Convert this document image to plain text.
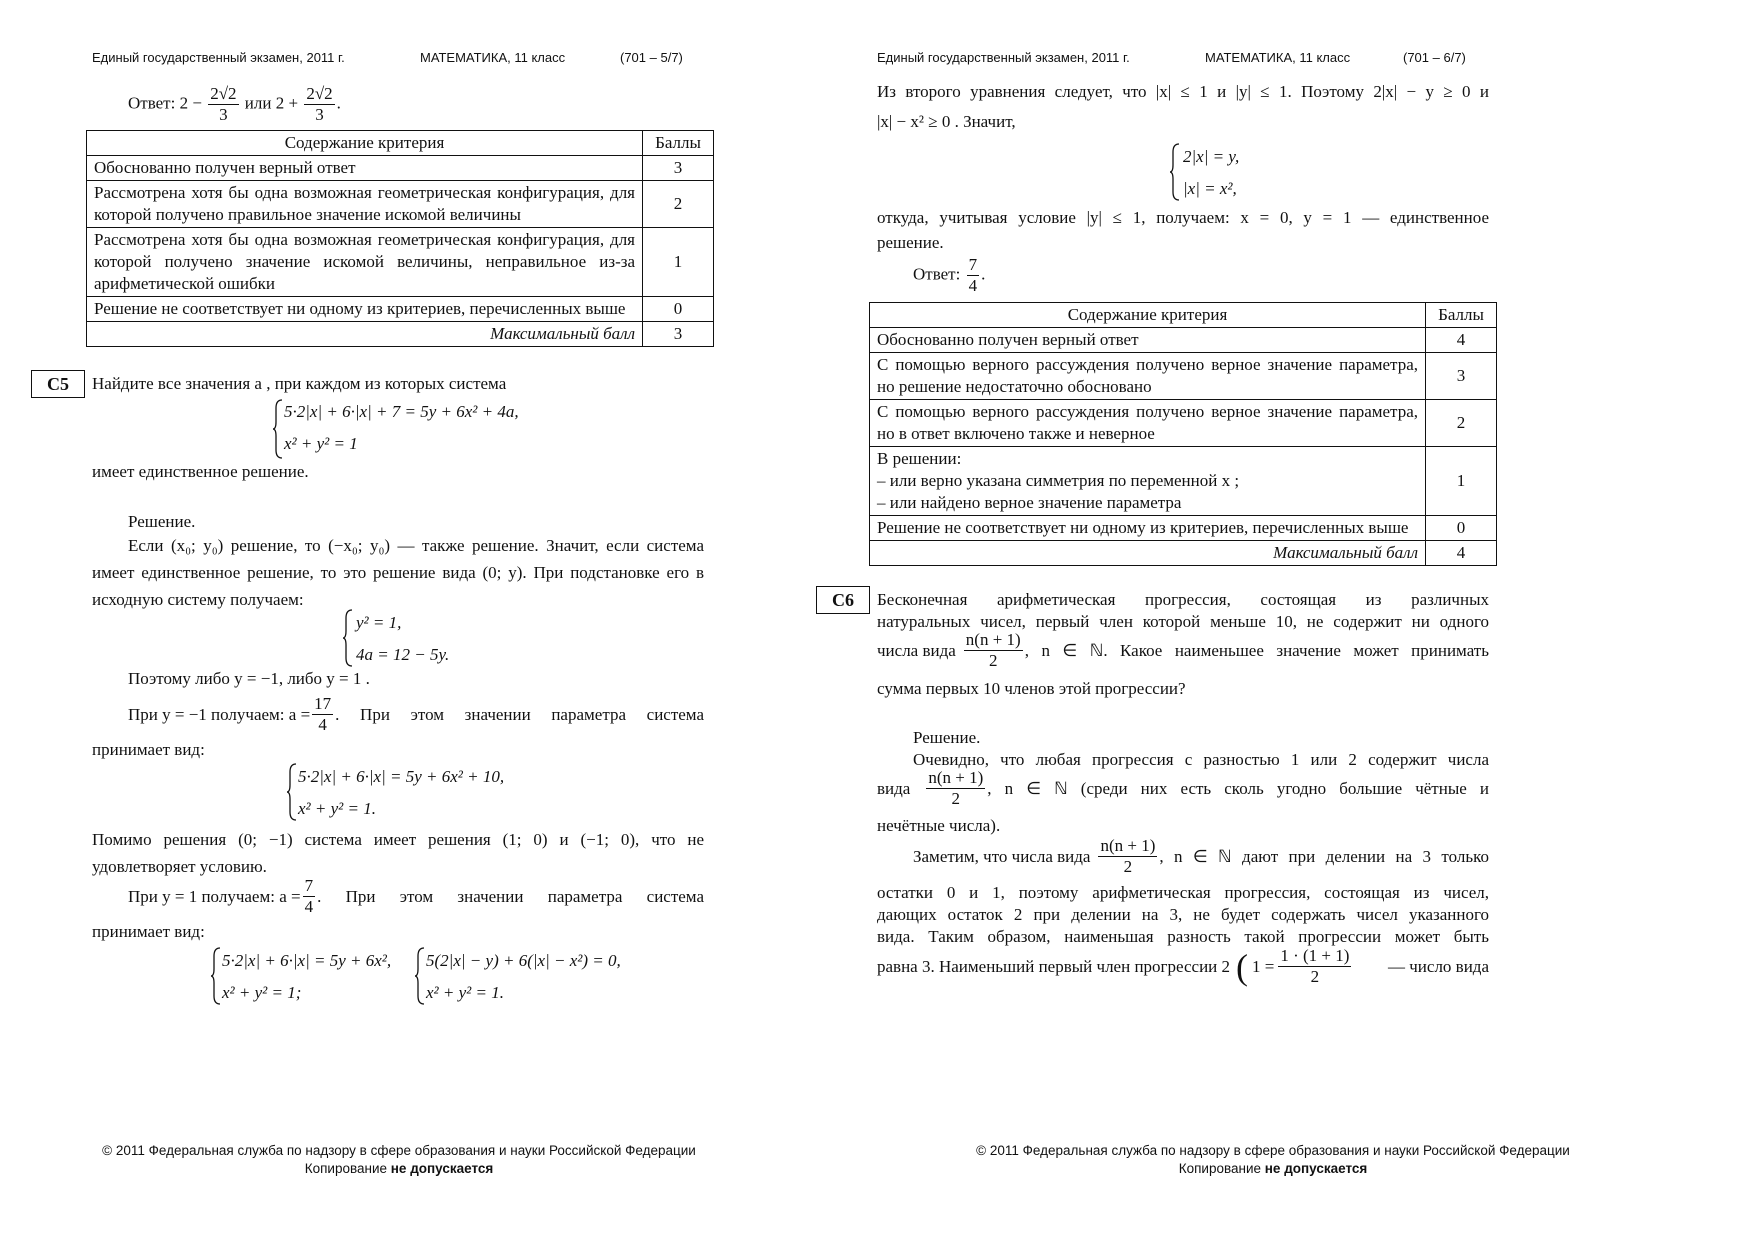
Единый государственный экзамен, 2011 г.	МАТЕМАТИКА, 11 класс	(701 – 5/7)
Ответ: $2 - \frac{2√2}{3}$ или $2 + \frac{2√2}{3}$ .
Содержание критерия	Баллы
Обоснованно получен верный ответ	3
Рассмотрена хотя бы одна возможная геометрическая конфигурация, для которой получено правильное значение искомой величины	2
Рассмотрена хотя бы одна возможная геометрическая конфигурация, для которой получено значение искомой величины, неправильное из-за арифметической ошибки	1
Решение не соответствует ни одному из критериев, перечисленных выше	0
Максимальный балл	3
C5	Найдите все значения a , при каждом из которых система
5·2|x| + 6·|x| + 7 = 5y + 6x² + 4a,
x² + y² = 1
имеет единственное решение.
Решение.
Если (x₀; y₀) решение, то (−x₀; y₀) — также решение. Значит, если система имеет единственное решение, то это решение вида (0; y). При подстановке его в исходную систему получаем:
y² = 1,
4a = 12 − 5y.
Поэтому либо y = −1, либо y = 1 .
При y = −1 получаем: $a = \frac{17}{4}$ . При этом значении параметра система
принимает вид:
5·2|x| + 6·|x| = 5y + 6x² + 10,
x² + y² = 1.
Помимо решения (0; −1) система имеет решения (1; 0) и (−1; 0), что не удовлетворяет условию.
При y = 1 получаем: $a = \frac{7}{4}$ . При этом значении параметра система
принимает вид:
5·2|x| + 6·|x| = 5y + 6x²,
x² + y² = 1;
5(2|x| − y) + 6(|x| − x²) = 0,
x² + y² = 1.
© 2011 Федеральная служба по надзору в сфере образования и науки Российской Федерации
Копирование не допускается
Единый государственный экзамен, 2011 г.	МАТЕМАТИКА, 11 класс	(701 – 6/7)
Из второго уравнения следует, что |x| ≤ 1 и |y| ≤ 1. Поэтому 2|x| − y ≥ 0 и
|x| − x² ≥ 0 . Значит,
2|x| = y,
|x| = x²,
откуда, учитывая условие |y| ≤ 1, получаем: x = 0, y = 1 — единственное
решение.
Ответ: $\frac{7}{4}$ .
Содержание критерия	Баллы
Обоснованно получен верный ответ	4
С помощью верного рассуждения получено верное значение параметра, но решение недостаточно обосновано	3
С помощью верного рассуждения получено верное значение параметра, но в ответ включено также и неверное	2

В решении:
– или верно указана симметрия по переменной x ;
– или найдено верное значение параметра	1
Решение не соответствует ни одному из критериев, перечисленных выше	0
Максимальный балл	4
C6	Бесконечная арифметическая прогрессия, состоящая из различных
натуральных чисел, первый член которой меньше 10, не содержит ни одного
числа вида $\frac{n(n + 1)}{2}$ , n ∈ ℕ. Какое наименьшее значение может принимать
сумма первых 10 членов этой прогрессии?
Решение.
Очевидно, что любая прогрессия с разностью 1 или 2 содержит числа
вида $\frac{n(n + 1)}{2}$ , n ∈ ℕ (среди них есть сколь угодно большие чётные и
нечётные числа).
Заметим, что числа вида $\frac{n(n + 1)}{2}$ , n ∈ ℕ дают при делении на 3 только
остатки 0 и 1, поэтому арифметическая прогрессия, состоящая из чисел,
дающих остаток 2 при делении на 3, не будет содержать чисел указанного
вида. Таким образом, наименьшая разность такой прогрессии может быть
равна 3. Наименьший первый член прогрессии 2 ( $1 = \frac{1 \cdot (1 + 1)}{2}$	— число вида
© 2011 Федеральная служба по надзору в сфере образования и науки Российской Федерации
Копирование не допускается
